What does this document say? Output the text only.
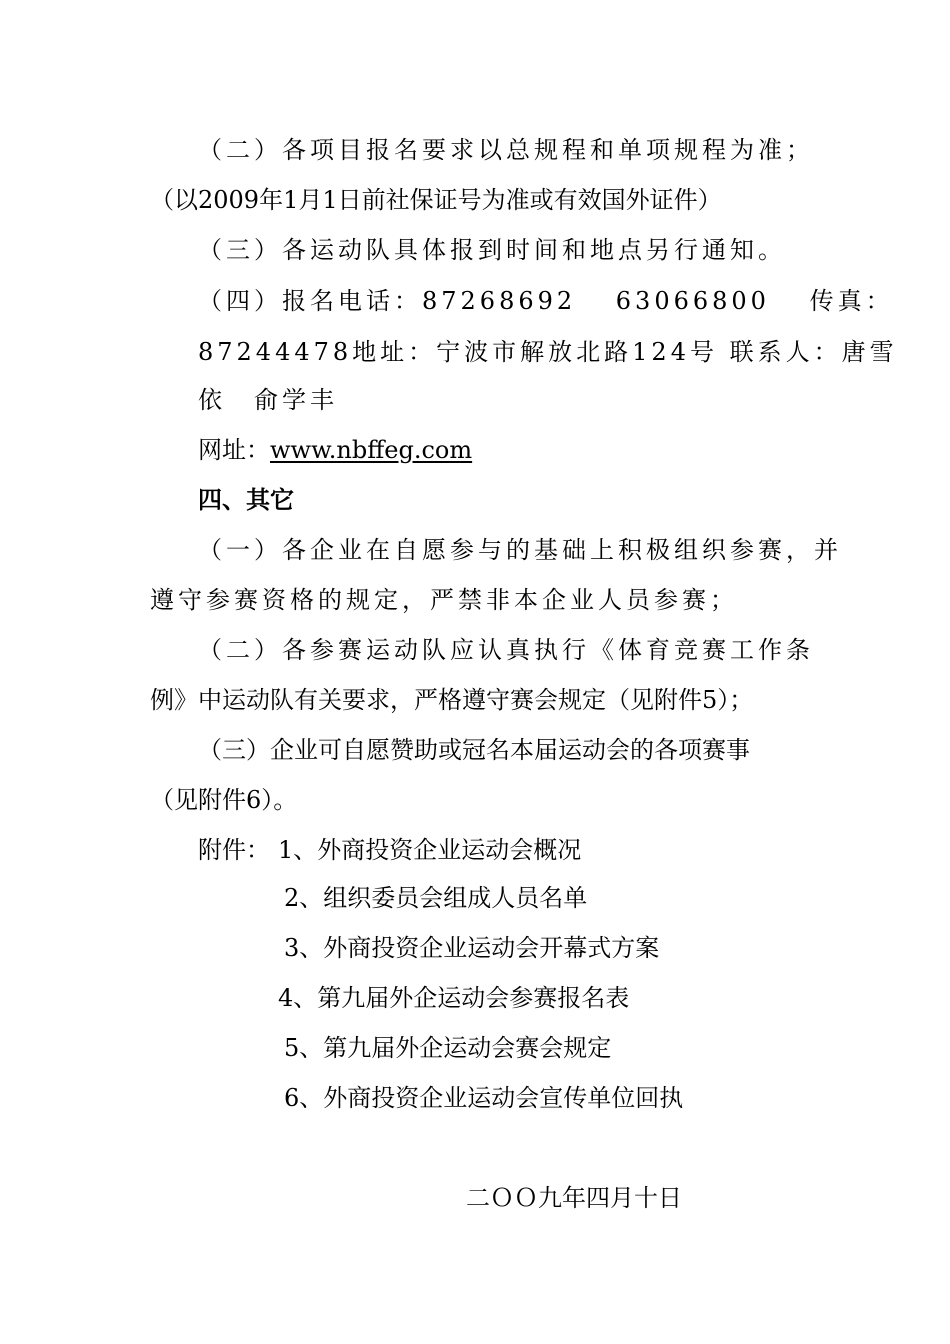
（二）各项目报名要求以总规程和单项规程为准；
（以2009年1月1日前社保证号为准或有效国外证件）
（三）各运动队具体报到时间和地点另行通知。
（四）报名电话：87268692　 63066800 　传真：
87244478地址：宁波市解放北路124号 联系人：唐雪
依　俞学丰
网址：www.nbffeg.com
四、其它
（一）各企业在自愿参与的基础上积极组织参赛，并
遵守参赛资格的规定，严禁非本企业人员参赛；
（二）各参赛运动队应认真执行《体育竞赛工作条
例》中运动队有关要求，严格遵守赛会规定（见附件5）；
（三）企业可自愿赞助或冠名本届运动会的各项赛事
（见附件6）。
附件： 1、外商投资企业运动会概况
2、组织委员会组成人员名单
3、外商投资企业运动会开幕式方案
4、第九届外企运动会参赛报名表
5、第九届外企运动会赛会规定
6、外商投资企业运动会宣传单位回执
二ＯＯ九年四月十日
